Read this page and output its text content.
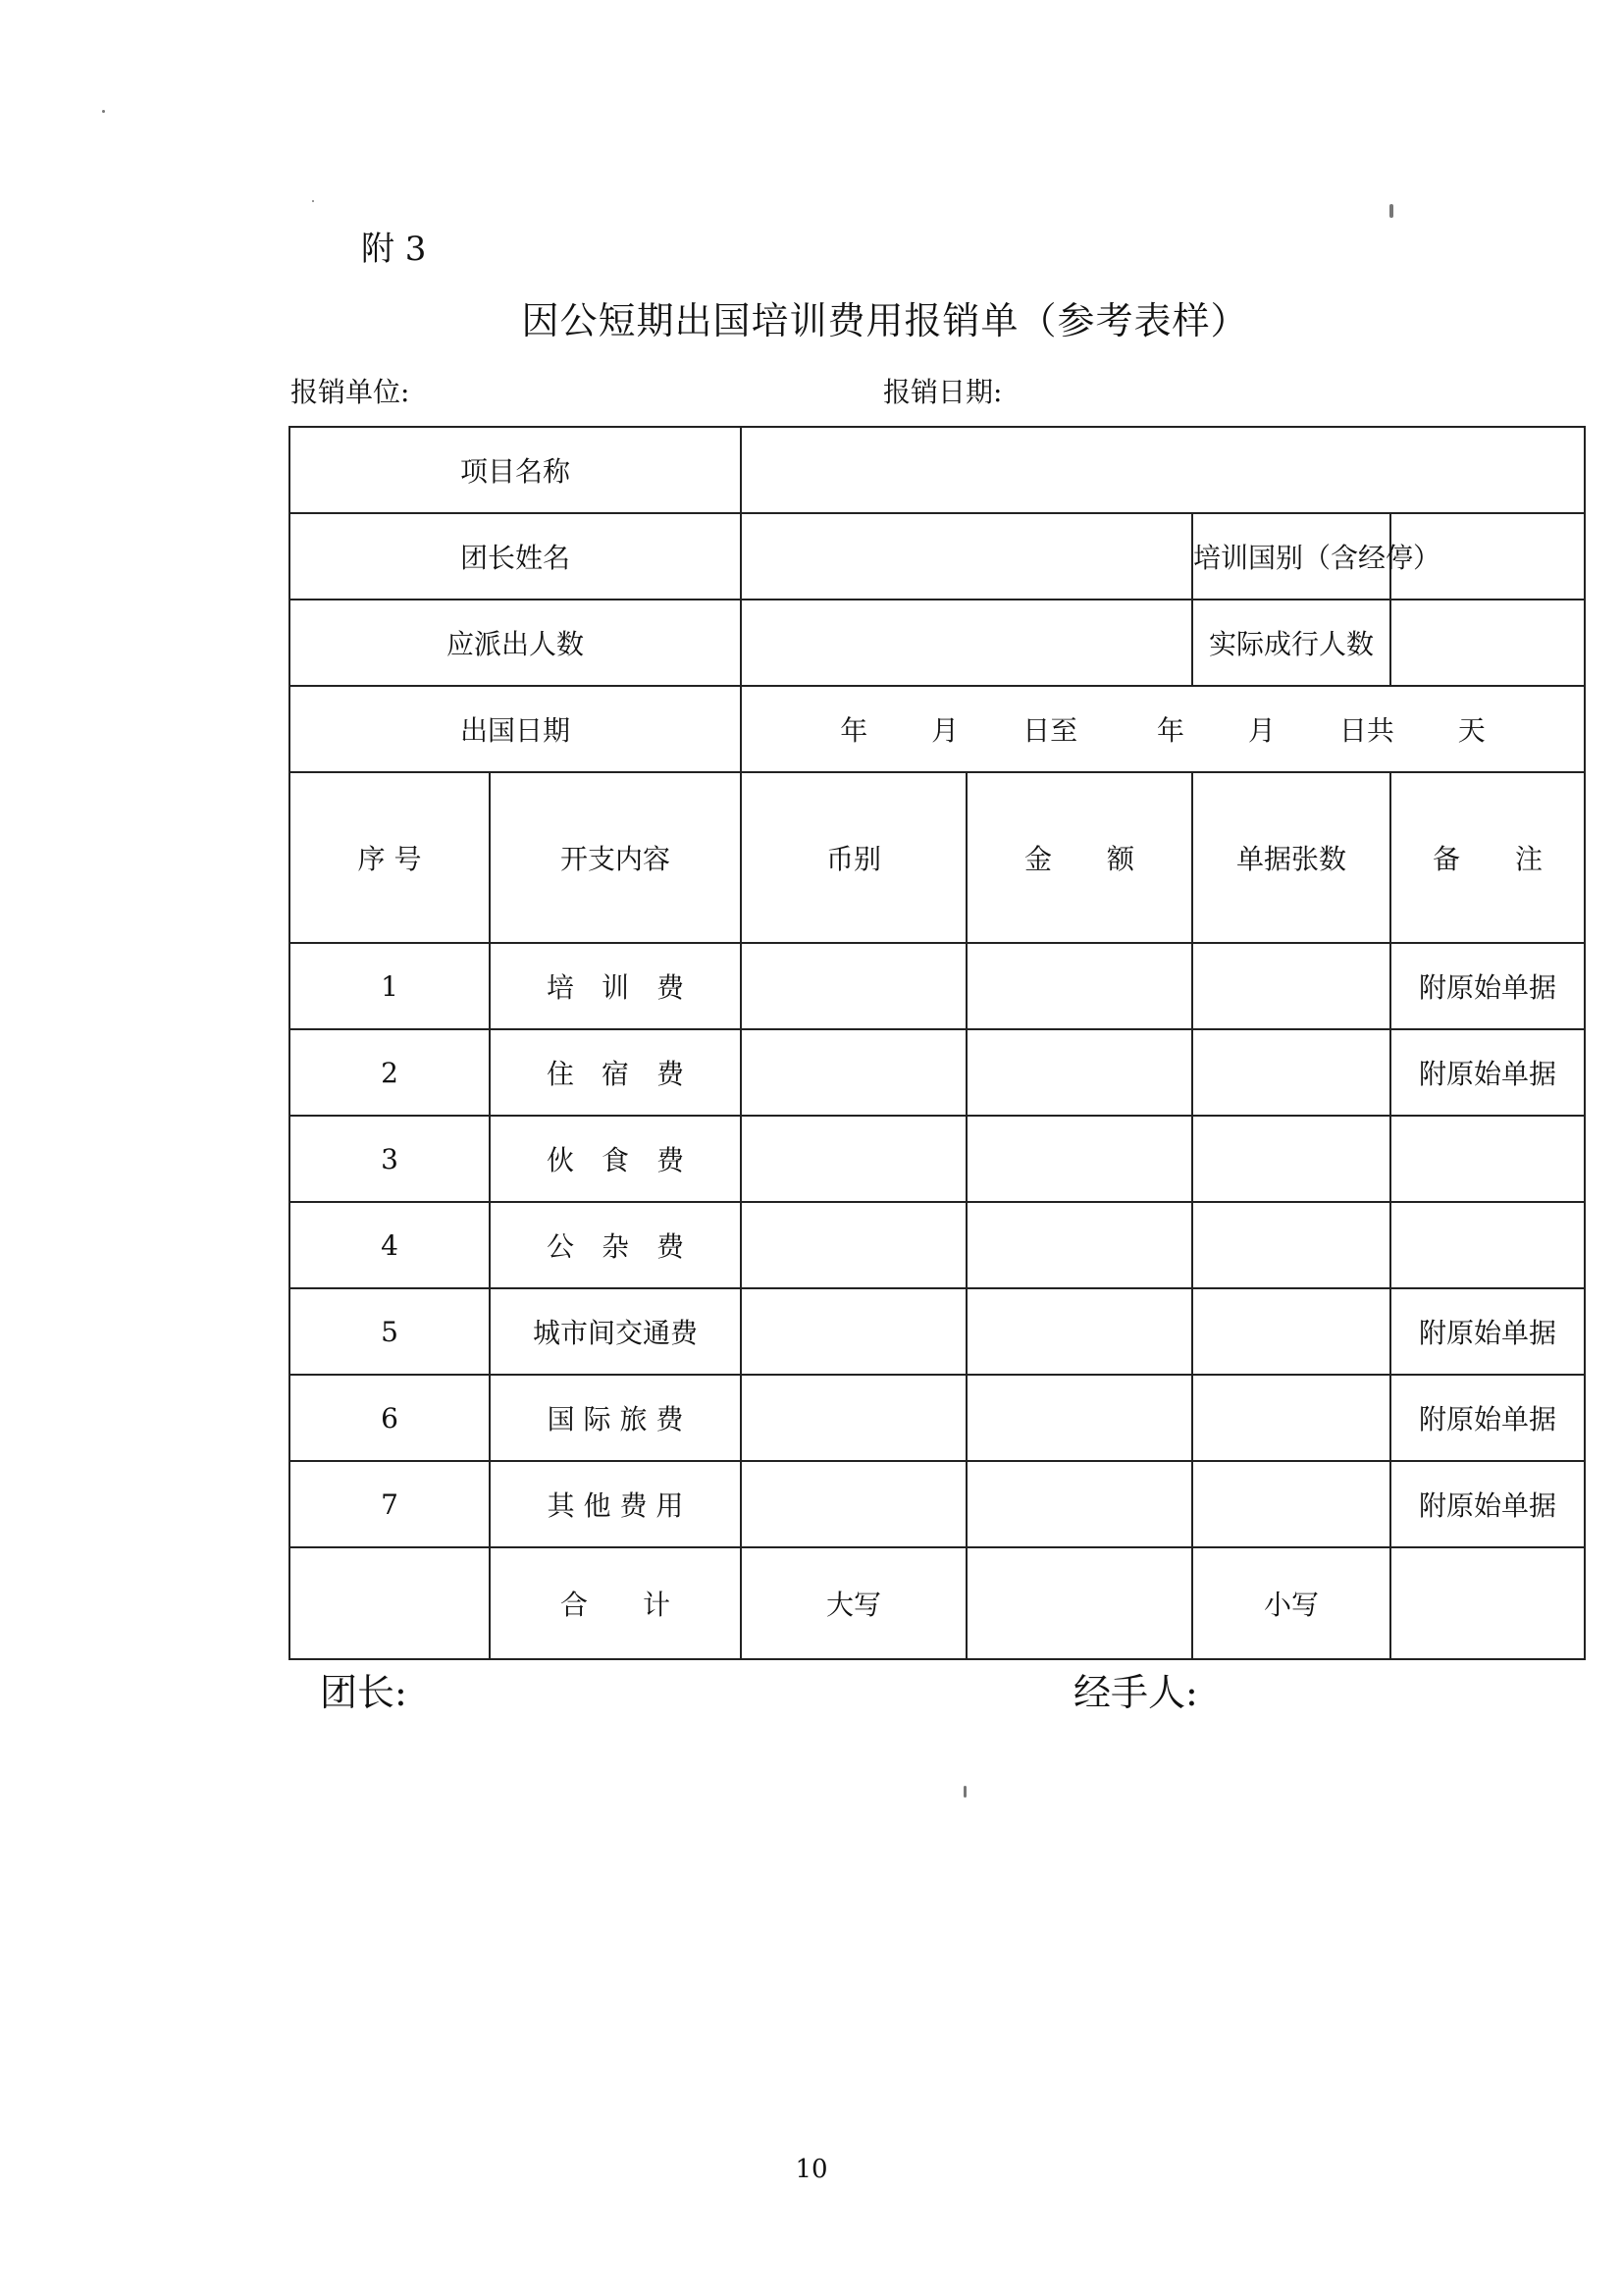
附 3
因公短期出国培训费用报销单（参考表样）
报销单位:	报销日期:
项目名称					
团长姓名				培训国别（含经停）	
应派出人数				实际成行人数	
出国日期		年 月 日至 年 月 日共 天			
序 号	开支内容	币别	金　　额	单据张数	备　　注
1	培　训　费				附原始单据
2	住　宿　费				附原始单据
3	伙　食　费				
4	公　杂　费				
5	城市间交通费				附原始单据
6	国 际 旅 费				附原始单据
7	其 他 费 用				附原始单据
	合　　计	大写		小写	
团长:	经手人:
10
